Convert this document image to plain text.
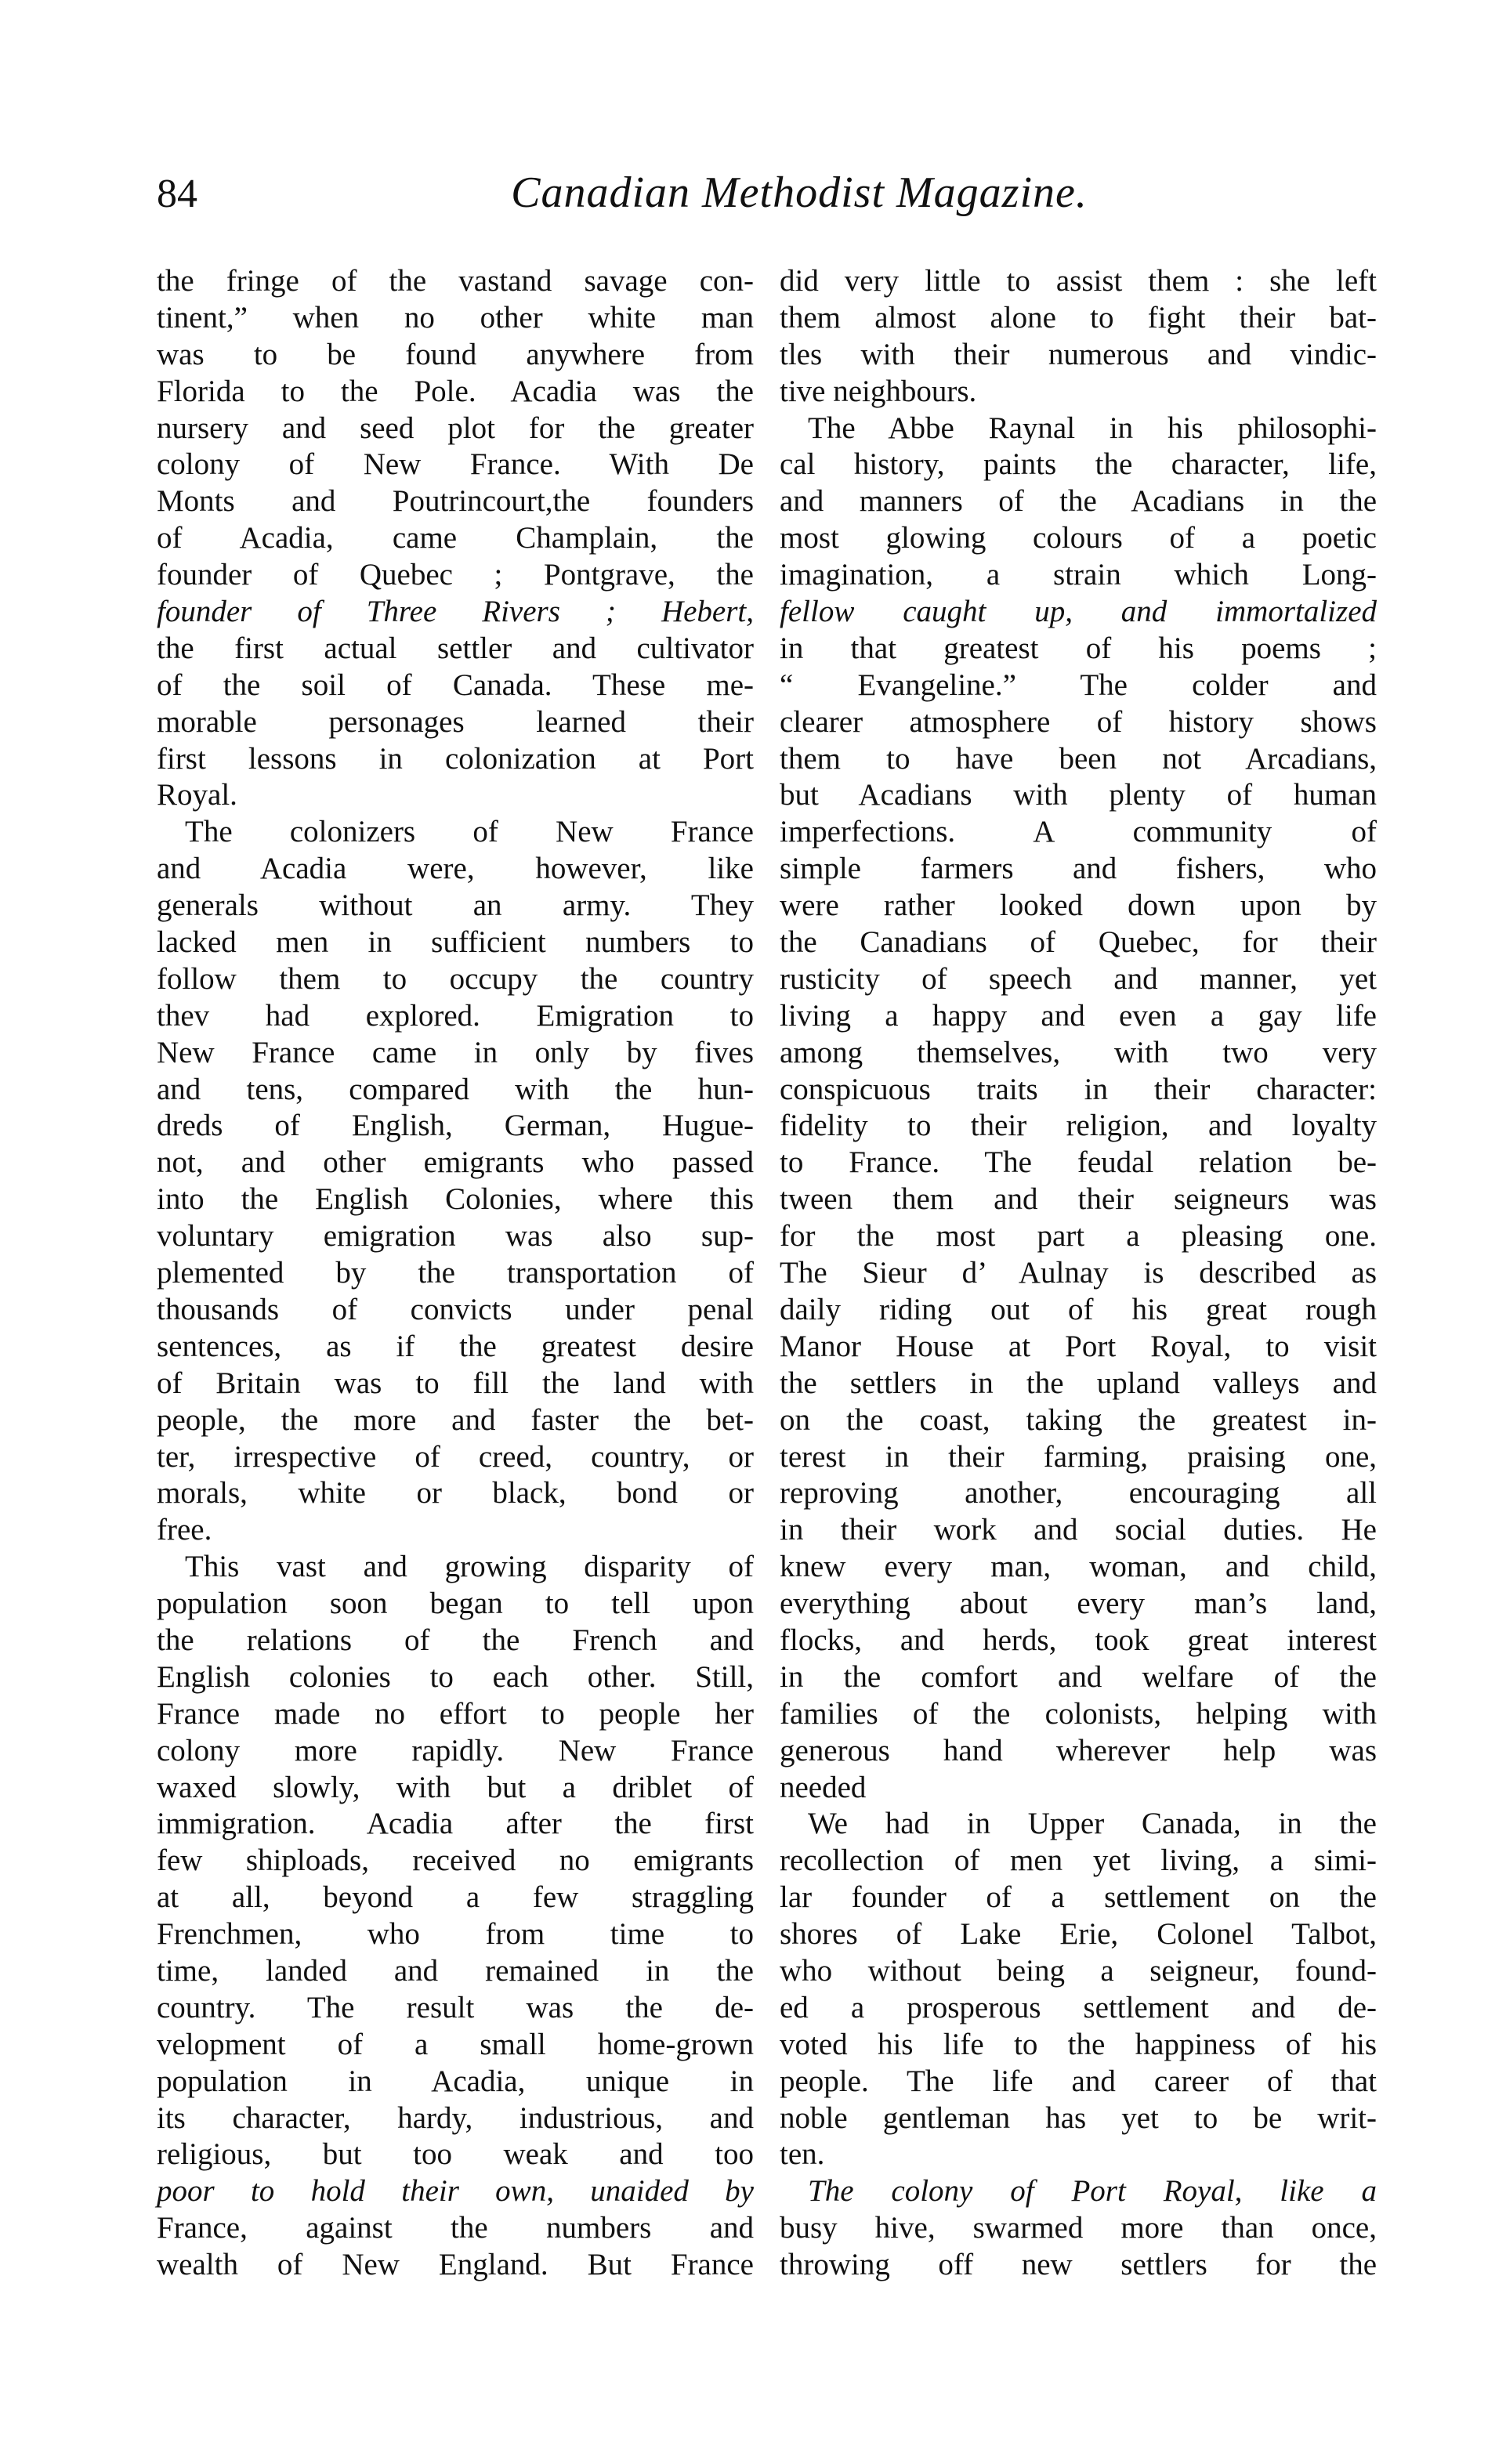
84	Canadian Methodist Magazine.
the fringe of the vastand savage con-
tinent,” when no other white man
was to be found anywhere from
Florida to the Pole. Acadia was the
nursery and seed plot for the greater
colony of New France. With De
Monts and Poutrincourt,the founders
of Acadia, came Champlain, the
founder of Quebec ; Pontgrave, the
founder of Three Rivers ; Hebert,
the first actual settler and cultivator
of the soil of Canada. These me-
morable personages learned their
first lessons in colonization at Port
Royal.
The colonizers of New France
and Acadia were, however, like
generals without an army. They
lacked men in sufficient numbers to
follow them to occupy the country
thev had explored. Emigration to
New France came in only by fives
and tens, compared with the hun-
dreds of English, German, Hugue-
not, and other emigrants who passed
into the English Colonies, where this
voluntary emigration was also sup-
plemented by the transportation of
thousands of convicts under penal
sentences, as if the greatest desire
of Britain was to fill the land with
people, the more and faster the bet-
ter, irrespective of creed, country, or
morals, white or black, bond or
free.
This vast and growing disparity of
population soon began to tell upon
the relations of the French and
English colonies to each other. Still,
France made no effort to people her
colony more rapidly. New France
waxed slowly, with but a driblet of
immigration. Acadia after the first
few shiploads, received no emigrants
at all, beyond a few straggling
Frenchmen, who from time to
time, landed and remained in the
country. The result was the de-
velopment of a small home-grown
population in Acadia, unique in
its character, hardy, industrious, and
religious, but too weak and too
poor to hold their own, unaided by
France, against the numbers and
wealth of New England. But France
did very little to assist them : she left
them almost alone to fight their bat-
tles with their numerous and vindic-
tive neighbours.
The Abbe Raynal in his philosophi-
cal history, paints the character, life,
and manners of the Acadians in the
most glowing colours of a poetic
imagination, a strain which Long-
fellow caught up, and immortalized
in that greatest of his poems ;
“ Evangeline.” The colder and
clearer atmosphere of history shows
them to have been not Arcadians,
but Acadians with plenty of human
imperfections. A community of
simple farmers and fishers, who
were rather looked down upon by
the Canadians of Quebec, for their
rusticity of speech and manner, yet
living a happy and even a gay life
among themselves, with two very
conspicuous traits in their character:
fidelity to their religion, and loyalty
to France. The feudal relation be-
tween them and their seigneurs was
for the most part a pleasing one.
The Sieur d’ Aulnay is described as
daily riding out of his great rough
Manor House at Port Royal, to visit
the settlers in the upland valleys and
on the coast, taking the greatest in-
terest in their farming, praising one,
reproving another, encouraging all
in their work and social duties. He
knew every man, woman, and child,
everything about every man’s land,
flocks, and herds, took great interest
in the comfort and welfare of the
families of the colonists, helping with
generous hand wherever help was
needed
We had in Upper Canada, in the
recollection of men yet living, a simi-
lar founder of a settlement on the
shores of Lake Erie, Colonel Talbot,
who without being a seigneur, found-
ed a prosperous settlement and de-
voted his life to the happiness of his
people. The life and career of that
noble gentleman has yet to be writ-
ten.
The colony of Port Royal, like a
busy hive, swarmed more than once,
throwing off new settlers for the
